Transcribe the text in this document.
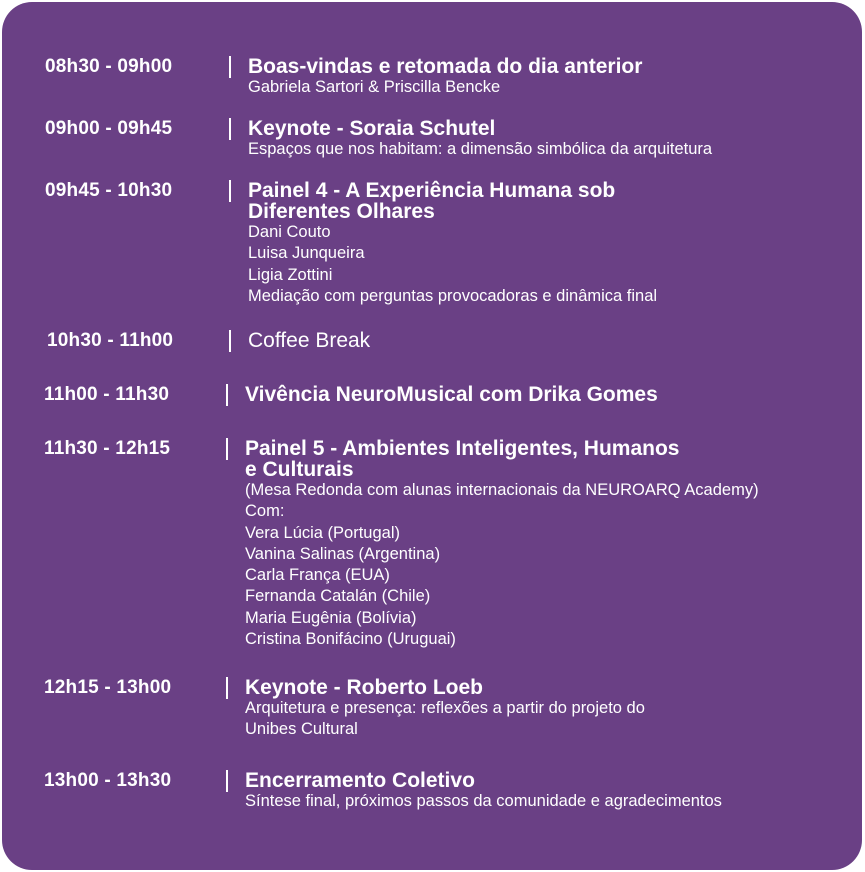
08h30 - 09h00	Boas-vindas e retomada do dia anterior
Gabriela Sartori & Priscilla Bencke
09h00 - 09h45	Keynote - Soraia Schutel
Espaços que nos habitam: a dimensão simbólica da arquitetura
09h45 - 10h30	Painel 4 - A Experiência Humana sob
Diferentes Olhares
Dani Couto
Luisa Junqueira
Ligia Zottini
Mediação com perguntas provocadoras e dinâmica final
10h30 - 11h00	Coffee Break
11h00 - 11h30	Vivência NeuroMusical com Drika Gomes
11h30 - 12h15	Painel 5 - Ambientes Inteligentes, Humanos
e Culturais
(Mesa Redonda com alunas internacionais da NEUROARQ Academy)
Com:
Vera Lúcia (Portugal)
Vanina Salinas (Argentina)
Carla França (EUA)
Fernanda Catalán (Chile)
Maria Eugênia (Bolívia)
Cristina Bonifácino (Uruguai)
12h15 - 13h00	Keynote - Roberto Loeb
Arquitetura e presença: reflexões a partir do projeto do
Unibes Cultural
13h00 - 13h30	Encerramento Coletivo
Síntese final, próximos passos da comunidade e agradecimentos
